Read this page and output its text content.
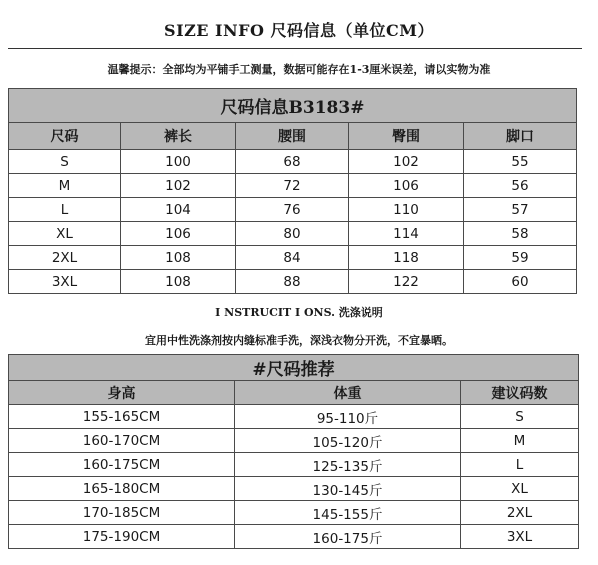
SIZE INFO 尺码信息（单位CM）
温馨提示：全部均为平铺手工测量，数据可能存在1-3厘米误差，请以实物为准
尺码信息B3183#				
尺码	裤长	腰围	臀围	脚口
S	100	68	102	55
M	102	72	106	56
L	104	76	110	57
XL	106	80	114	58
2XL	108	84	118	59
3XL	108	88	122	60
I NSTRUCIT I ONS. 洗涤说明
宜用中性洗涤剂按内缝标准手洗，深浅衣物分开洗，不宜暴晒。
#尺码推荐		
身高	体重	建议码数
155-165CM	95-110斤	S
160-170CM	105-120斤	M
160-175CM	125-135斤	L
165-180CM	130-145斤	XL
170-185CM	145-155斤	2XL
175-190CM	160-175斤	3XL
